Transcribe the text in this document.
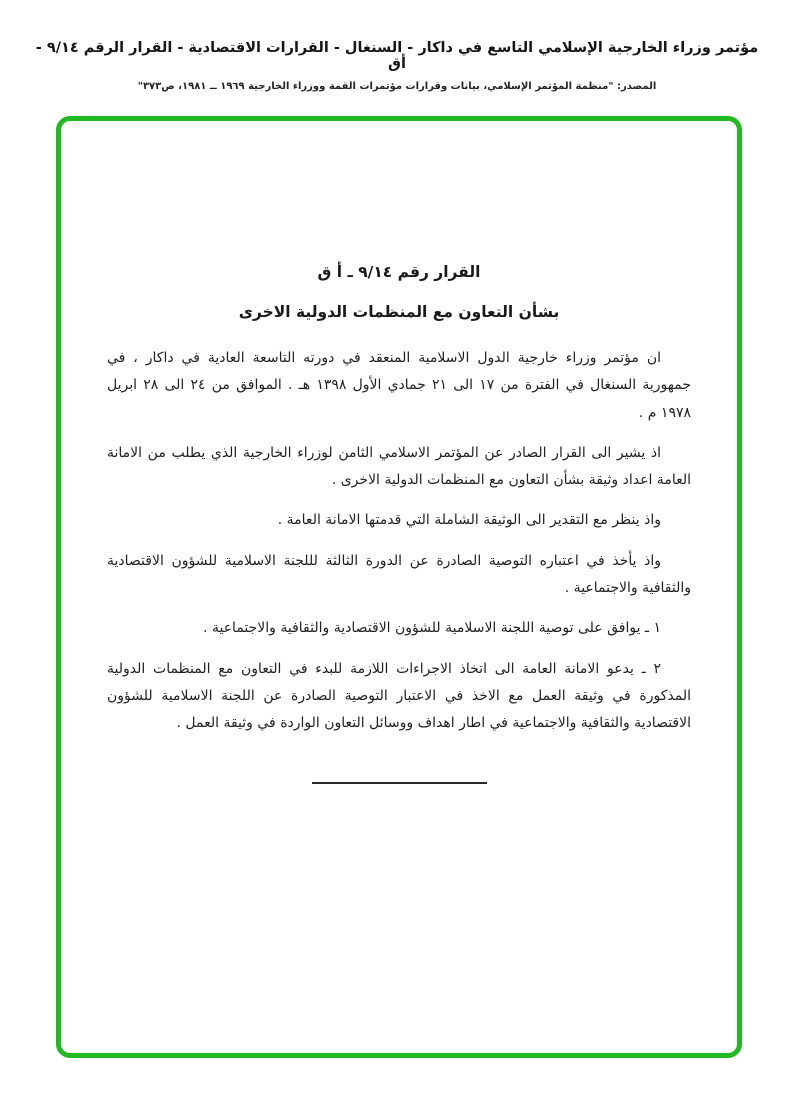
مؤتمر وزراء الخارجية الإسلامي التاسع في داكار - السنغال - القرارات الاقتصادية - القرار الرقم ٩/١٤ - أق
المصدر: "منظمة المؤتمر الإسلامي، بيانات وقرارات مؤتمرات القمة ووزراء الخارجية ١٩٦٩ ــ ١٩٨١، ص٣٧٣"
القرار رقم ٩/١٤ ـ أ ق
بشأن التعاون مع المنظمات الدولية الاخرى

ان مؤتمر وزراء خارجية الدول الاسلامية المنعقد في دورته التاسعة العادية في داكار ، في جمهورية السنغال في الفترة من ١٧ الى ٢١ جمادي الأول ١٣٩٨ هـ . الموافق من ٢٤ الى ٢٨ ابريل ١٩٧٨ م .

اذ يشير الى القرار الصادر عن المؤتمر الاسلامي الثامن لوزراء الخارجية الذي يطلب من الامانة العامة اعداد وثيقة بشأن التعاون مع المنظمات الدولية الاخرى .

واذ ينظر مع التقدير الى الوثيقة الشاملة التي قدمتها الامانة العامة .

واذ يأخذ في اعتباره التوصية الصادرة عن الدورة الثالثة لللجنة الاسلامية للشؤون الاقتصادية والثقافية والاجتماعية .

١ ـ يوافق على توصية اللجنة الاسلامية للشؤون الاقتصادية والثقافية والاجتماعية .

٢ ـ يدعو الامانة العامة الى اتخاذ الاجراءات اللازمة للبدء في التعاون مع المنظمات الدولية المذكورة في وثيقة العمل مع الاخذ في الاعتبار التوصية الصادرة عن اللجنة الاسلامية للشؤون الاقتصادية والثقافية والاجتماعية في اطار اهداف ووسائل التعاون الواردة في وثيقة العمل .
